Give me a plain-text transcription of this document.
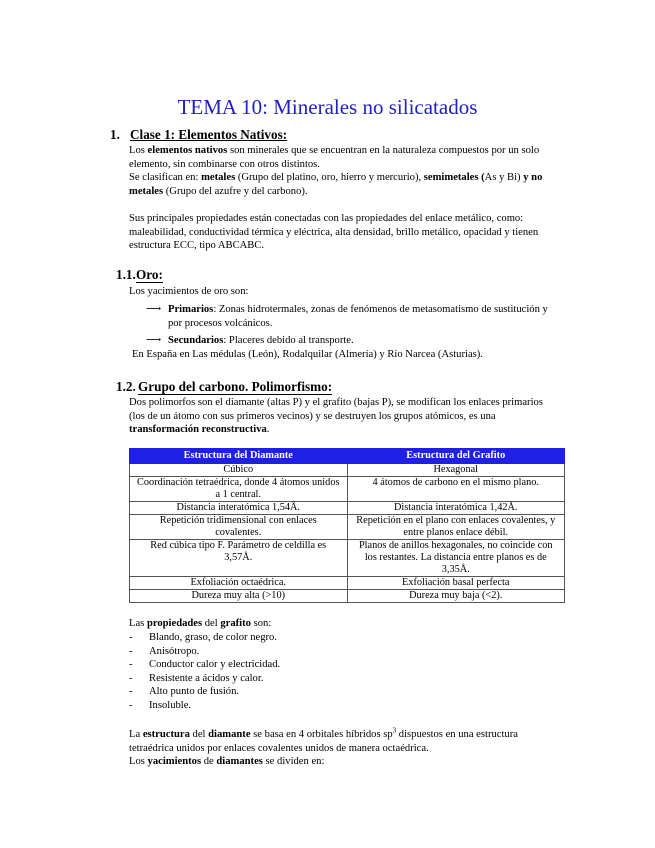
TEMA 10: Minerales no silicatados
1. Clase 1: Elementos Nativos:

Los elementos nativos son minerales que se encuentran en la naturaleza compuestos por un solo elemento, sin combinarse con otros distintos.

Se clasifican en: metales (Grupo del platino, oro, hierro y mercurio), semimetales (As y Bi) y no metales (Grupo del azufre y del carbono).

Sus principales propiedades están conectadas con las propiedades del enlace metálico, como: maleabilidad, conductividad térmica y eléctrica, alta densidad, brillo metálico, opacidad y tienen estructura ECC, tipo ABCABC.

1.1.Oro:
Los yacimientos de oro son:
⟶ Primarios: Zonas hidrotermales, zonas de fenómenos de metasomatismo de sustitución y por procesos volcánicos.
⟶ Secundarios: Placeres debido al transporte.
En España en Las médulas (León), Rodalquilar (Almería) y Rio Narcea (Asturias).
1.2. Grupo del carbono. Polimorfismo:

Dos polimorfos son el diamante (altas P) y el grafito (bajas P), se modifican los enlaces primarios (los de un átomo con sus primeros vecinos) y se destruyen los grupos atómicos, es una transformación reconstructiva.

Estructura del Diamante	Estructura del Grafito
Cúbico	Hexagonal
Coordinación tetraédrica, donde 4 átomos unidos a 1 central.	4 átomos de carbono en el mismo plano.
Distancia interatómica 1,54Å.	Distancia interatómica 1,42Å.
Repetición tridimensional con enlaces covalentes.	Repetición en el plano con enlaces covalentes, y entre planos enlace débil.
Red cúbica tipo F. Parámetro de celdilla es 3,57Å.	Planos de anillos hexagonales, no coincide con los restantes. La distancia entre planos es de 3,35Å.
Exfoliación octaédrica.	Exfoliación basal perfecta
Dureza muy alta (>10)	Dureza muy baja (<2).
Las propiedades del grafito son:
- Blando, graso, de color negro.
- Anisótropo.
- Conductor calor y electricidad.
- Resistente a ácidos y calor.
- Alto punto de fusión.
- Insoluble.

La estructura del diamante se basa en 4 orbitales híbridos $sp^3$ dispuestos en una estructura tetraédrica unidos por enlaces covalentes unidos de manera octaédrica.

Los yacimientos de diamantes se dividen en:
